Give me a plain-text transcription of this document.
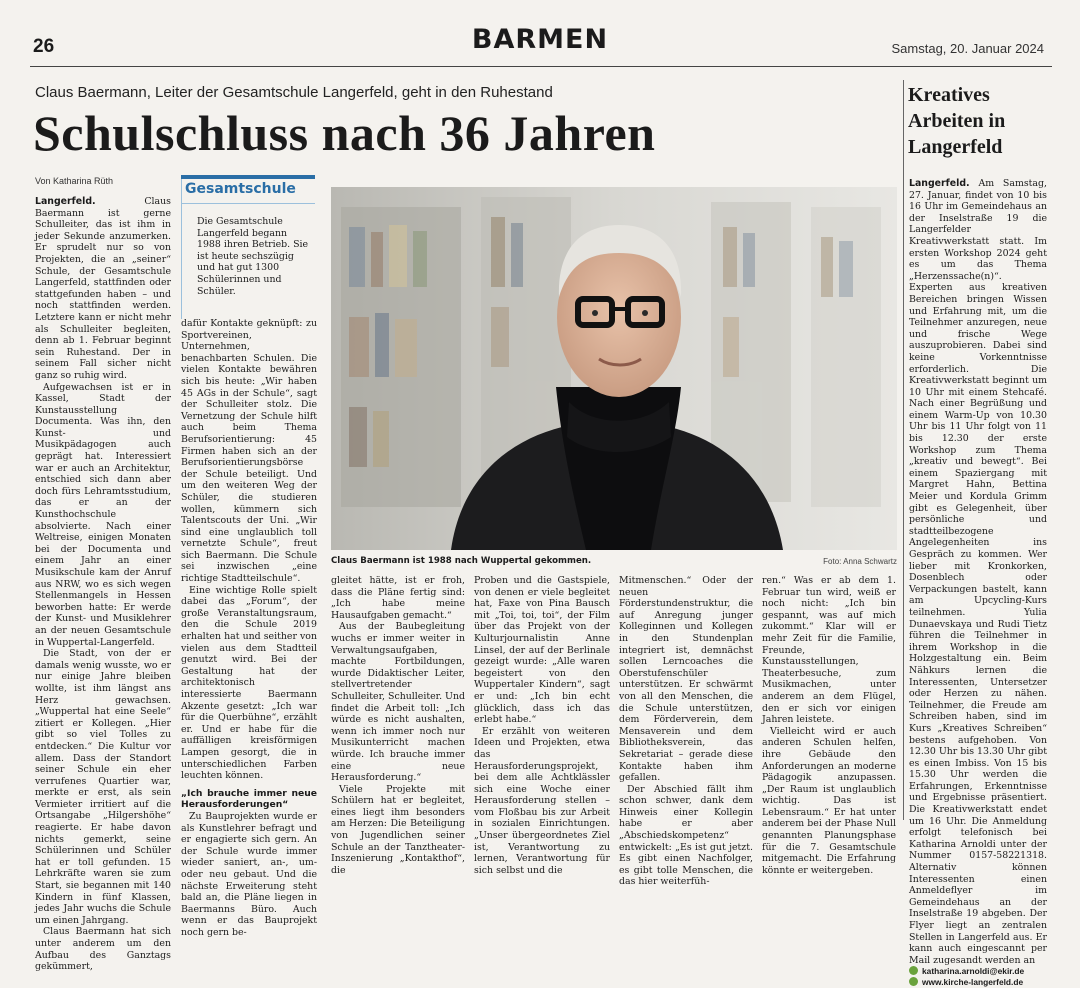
26	BARMEN	Samstag, 20. Januar 2024
Claus Baermann, Leiter der Gesamtschule Langerfeld, geht in den Ruhestand
Schulschluss nach 36 Jahren
Von Katharina Rüth

Langerfeld.	Claus Baermann ist gerne Schulleiter, das ist ihm in jeder Sekunde anzumerken. Er sprudelt nur so von Projekten, die an „seiner“ Schule, der Gesamtschule Langerfeld, stattfinden oder stattgefunden haben – und noch stattfinden werden. Letztere kann er nicht mehr als Schulleiter begleiten, denn ab 1. Februar beginnt sein Ruhestand. Der in seinem Fall sicher nicht ganz so ruhig wird.

Aufgewachsen ist er in Kassel, Stadt der Kunstausstellung Documenta. Was ihn, den Kunst- und Musikpädagogen auch geprägt hat. Interessiert war er auch an Architektur, entschied sich dann aber doch fürs Lehramtsstudium, das er an der Kunsthochschule absolvierte. Nach einer Weltreise, einigen Monaten bei der Documenta und einem Jahr an einer Musikschule kam der Anruf aus NRW, wo es sich wegen Stellenmangels in Hessen beworben hatte: Er werde der Kunst- und Musiklehrer an der neuen Gesamtschule in Wuppertal-Langerfeld.

Die Stadt, von der er damals wenig wusste, wo er nur einige Jahre bleiben wollte, ist ihm längst ans Herz gewachsen. „Wuppertal hat eine Seele“ zitiert er Kollegen. „Hier gibt so viel Tolles zu entdecken.“ Die Kultur vor allem. Dass der Standort seiner Schule ein eher verrufenes Quartier war, merkte er erst, als sein Vermieter irritiert auf die Ortsangabe „Hilgershöhe“ reagierte. Er habe davon nichts gemerkt, seine Schülerinnen und Schüler hat er toll gefunden. 15 Lehrkräfte waren sie zum Start, sie begannen mit 140 Kindern in fünf Klassen, jedes Jahr wuchs die Schule um einen Jahrgang.

Claus Baermann hat sich unter anderem um den Aufbau des Ganztags gekümmert,

Gesamtschule
Die Gesamtschule Langerfeld begann 1988 ihren Betrieb. Sie ist heute sechszügig und hat gut 1300 Schülerinnen und Schüler.

dafür Kontakte geknüpft: zu Sportvereinen, Unternehmen, benachbarten Schulen. Die vielen Kontakte bewähren sich bis heute: „Wir haben 45 AGs in der Schule“, sagt der Schulleiter stolz. Die Vernetzung der Schule hilft auch beim Thema Berufsorientierung: 45 Firmen haben sich an der Berufsorientierungsbörse der Schule beteiligt. Und um den weiteren Weg der Schüler, die studieren wollen, kümmern sich Talentscouts der Uni. „Wir sind eine unglaublich toll vernetzte Schule“, freut sich Baermann. Die Schule sei inzwischen „eine richtige Stadtteilschule“.

Eine wichtige Rolle spielt dabei das „Forum“, der große Veranstaltungsraum, den die Schule 2019 erhalten hat und seither von vielen aus dem Stadtteil genutzt wird. Bei der Gestaltung hat der architektonisch interessierte Baermann Akzente gesetzt: „Ich war für die Querbühne“, erzählt er. Und er habe für die auffälligen kreisförmigen Lampen gesorgt, die in unterschiedlichen Farben leuchten können.

„Ich brauche immer neue Herausforderungen“

Zu Bauprojekten wurde er als Kunstlehrer befragt und er engagierte sich gern. An der Schule wurde immer wieder saniert, an-, um- oder neu gebaut. Und die nächste Erweiterung steht bald an, die Pläne liegen in Baermanns Büro. Auch wenn er das Bauprojekt noch gern be-

Claus Baermann ist 1988 nach Wuppertal gekommen.	Foto: Anna Schwartz

gleitet hätte, ist er froh, dass die Pläne fertig sind: „Ich habe meine Hausaufgaben gemacht.“

Aus der Baubegleitung wuchs er immer weiter in Verwaltungsaufgaben, machte Fortbildungen, wurde Didaktischer Leiter, stellvertretender Schulleiter, Schulleiter. Und findet die Arbeit toll: „Ich würde es nicht aushalten, wenn ich immer noch nur Musikunterricht machen würde. Ich brauche immer eine neue Herausforderung.“

Viele Projekte mit Schülern hat er begleitet, eines liegt ihm besonders am Herzen: Die Beteiligung von Jugendlichen seiner Schule an der Tanztheater-Inszenierung „Kontakthof“, die

Proben und die Gastspiele, von denen er viele begleitet hat, Faxe von Pina Bausch mit „Toi, toi, toi“, der Film über das Projekt von der Kulturjournalistin Anne Linsel, der auf der Berlinale gezeigt wurde: „Alle waren begeistert von den Wuppertaler Kindern“, sagt er und: „Ich bin echt glücklich, dass ich das erlebt habe.“

Er erzählt von weiteren Ideen und Projekten, etwa das Herausforderungsprojekt, bei dem alle Achtklässler sich eine Woche einer Herausforderung stellen – vom Floßbau bis zur Arbeit in sozialen Einrichtungen. „Unser übergeordnetes Ziel ist, Verantwortung zu lernen, Verantwortung für sich selbst und die

Mitmenschen.“ Oder der neuen Förderstundenstruktur, die auf Anregung junger Kolleginnen und Kollegen in den Stundenplan integriert ist, demnächst sollen Lerncoaches die Oberstufenschüler unterstützen. Er schwärmt von all den Menschen, die die Schule unterstützen, dem Förderverein, dem Mensaverein und dem Bibliotheksverein, das Sekretariat – gerade diese Kontakte haben ihm gefallen.

Der Abschied fällt ihm schon schwer, dank dem Hinweis einer Kollegin habe er aber „Abschiedskompetenz“ entwickelt: „Es ist gut jetzt. Es gibt einen Nachfolger, es gibt tolle Menschen, die das hier weiterfüh-

ren.“ Was er ab dem 1. Februar tun wird, weiß er noch nicht: „Ich bin gespannt, was auf mich zukommt.“ Klar will er mehr Zeit für die Familie, Freunde, Kunstausstellungen, Theaterbesuche, zum Musikmachen, unter anderem an dem Flügel, den er sich vor einigen Jahren leistete.

Vielleicht wird er auch anderen Schulen helfen, ihre Gebäude den Anforderungen an moderne Pädagogik anzupassen. „Der Raum ist unglaublich wichtig. Das ist Lebensraum.“ Er hat unter anderem bei der Phase Null genannten Planungsphase für die 7. Gesamtschule mitgemacht. Die Erfahrung könnte er weitergeben.

Kreatives Arbeiten in Langerfeld

Langerfeld. Am Samstag, 27. Januar, findet von 10 bis 16 Uhr im Gemeindehaus an der Inselstraße 19 die Langerfelder Kreativwerkstatt statt. Im ersten Workshop 2024 geht es um das Thema „Herzenssache(n)“. Experten aus kreativen Bereichen bringen Wissen und Erfahrung mit, um die Teilnehmer anzuregen, neue und frische Wege auszuprobieren. Dabei sind keine Vorkenntnisse erforderlich. Die Kreativwerkstatt beginnt um 10 Uhr mit einem Stehcafé. Nach einer Begrüßung und einem Warm-Up von 10.30 Uhr bis 11 Uhr folgt von 11 bis 12.30 der erste Workshop zum Thema „kreativ und bewegt“. Bei einem Spaziergang mit Margret Hahn, Bettina Meier und Kordula Grimm gibt es Gelegenheit, über persönliche und stadtteilbezogene Angelegenheiten ins Gespräch zu kommen. Wer lieber mit Kronkorken, Dosenblech oder Verpackungen bastelt, kann am Upcycling-Kurs teilnehmen. Yulia Dunaevskaya und Rudi Tietz führen die Teilnehmer in ihrem Workshop in die Holzgestaltung ein. Beim Nähkurs lernen die Interessenten, Untersetzer oder Herzen zu nähen. Teilnehmer, die Freude am Schreiben haben, sind im Kurs „Kreatives Schreiben“ bestens aufgehoben. Von 12.30 Uhr bis 13.30 Uhr gibt es einen Imbiss. Von 15 bis 15.30 Uhr werden die Erfahrungen, Erkenntnisse und Ergebnisse präsentiert. Die Kreativwerkstatt endet um 16 Uhr. Die Anmeldung erfolgt telefonisch bei Katharina Arnoldi unter der Nummer 0157-58221318. Alternativ können Interessenten einen Anmeldeflyer im Gemeindehaus an der Inselstraße 19 abgeben. Der Flyer liegt an zentralen Stellen in Langerfeld aus. Er kann auch eingescannt per Mail zugesandt werden an

katharina.arnoldi@ekir.de
www.kirche-langerfeld.de
